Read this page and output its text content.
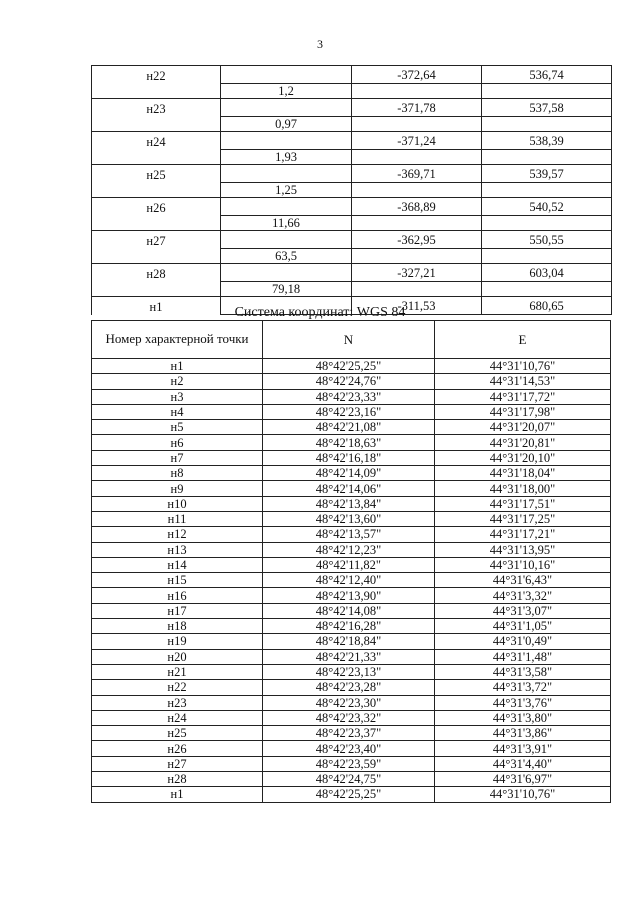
3
н22		-372,64	536,74
	1,2		
н23		-371,78	537,58
	0,97		
н24		-371,24	538,39
	1,93		
н25		-369,71	539,57
	1,25		
н26		-368,89	540,52
	11,66		
н27		-362,95	550,55
	63,5		
н28		-327,21	603,04
	79,18		
н1		-311,53	680,65
Система координат: WGS 84
Номер характерной точки	N	E
н1	48°42'25,25"	44°31'10,76"
н2	48°42'24,76"	44°31'14,53"
н3	48°42'23,33"	44°31'17,72"
н4	48°42'23,16"	44°31'17,98"
н5	48°42'21,08"	44°31'20,07"
н6	48°42'18,63"	44°31'20,81"
н7	48°42'16,18"	44°31'20,10"
н8	48°42'14,09"	44°31'18,04"
н9	48°42'14,06"	44°31'18,00"
н10	48°42'13,84"	44°31'17,51"
н11	48°42'13,60"	44°31'17,25"
н12	48°42'13,57"	44°31'17,21"
н13	48°42'12,23"	44°31'13,95"
н14	48°42'11,82"	44°31'10,16"
н15	48°42'12,40"	44°31'6,43"
н16	48°42'13,90"	44°31'3,32"
н17	48°42'14,08"	44°31'3,07"
н18	48°42'16,28"	44°31'1,05"
н19	48°42'18,84"	44°31'0,49"
н20	48°42'21,33"	44°31'1,48"
н21	48°42'23,13"	44°31'3,58"
н22	48°42'23,28"	44°31'3,72"
н23	48°42'23,30"	44°31'3,76"
н24	48°42'23,32"	44°31'3,80"
н25	48°42'23,37"	44°31'3,86"
н26	48°42'23,40"	44°31'3,91"
н27	48°42'23,59"	44°31'4,40"
н28	48°42'24,75"	44°31'6,97"
н1	48°42'25,25"	44°31'10,76"
